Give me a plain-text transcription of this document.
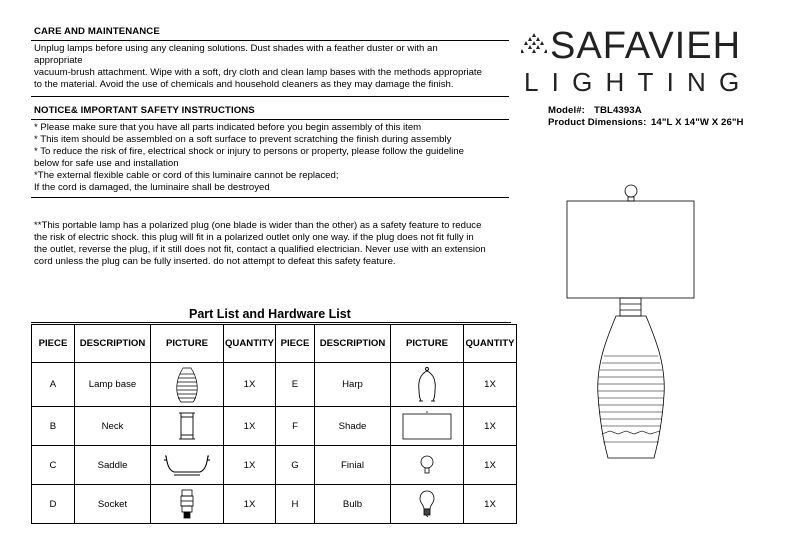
CARE AND MAINTENANCE
Unplug lamps before using any cleaning solutions. Dust shades with a feather duster or with an
appropriate
vacuum-brush attachment. Wipe with a soft, dry cloth and clean lamp bases with the methods appropriate
to the material. Avoid the use of chemicals and household cleaners as they may damage the finish.
NOTICE& IMPORTANT SAFETY INSTRUCTIONS
* Please make sure that you have all parts indicated before you begin assembly of this item
* This item should be assembled on a soft surface to prevent scratching the finish during assembly
* To reduce the risk of fire, electrical shock or injury to persons or property, please follow the guideline
below for safe use and installation
*The external flexible cable or cord of this luminaire cannot be replaced;
If the cord is damaged, the luminaire shall be destroyed
**This portable lamp has a polarized plug (one blade is wider than the other) as a safety feature to reduce
the risk of electric shock. this plug will fit in a polarized outlet only one way. if the plug does not fit fully in
the outlet, reverse the plug, if it still does not fit, contact a qualified electrician. Never use with an extension
cord unless the plug can be fully inserted. do not attempt to defeat this safety feature.
SAFAVIEH
LIGHTING
Model#: TBL4393A
Product Dimensions: 14"L X 14"W X 26"H
Part List and Hardware List
PIECE	DESCRIPTION	PICTURE	QUANTITY	PIECE	DESCRIPTION	PICTURE	QUANTITY
A	Lamp base		1X	E	Harp		1X
B	Neck		1X	F	Shade		1X
C	Saddle		1X	G	Finial		1X
D	Socket		1X	H	Bulb		1X
